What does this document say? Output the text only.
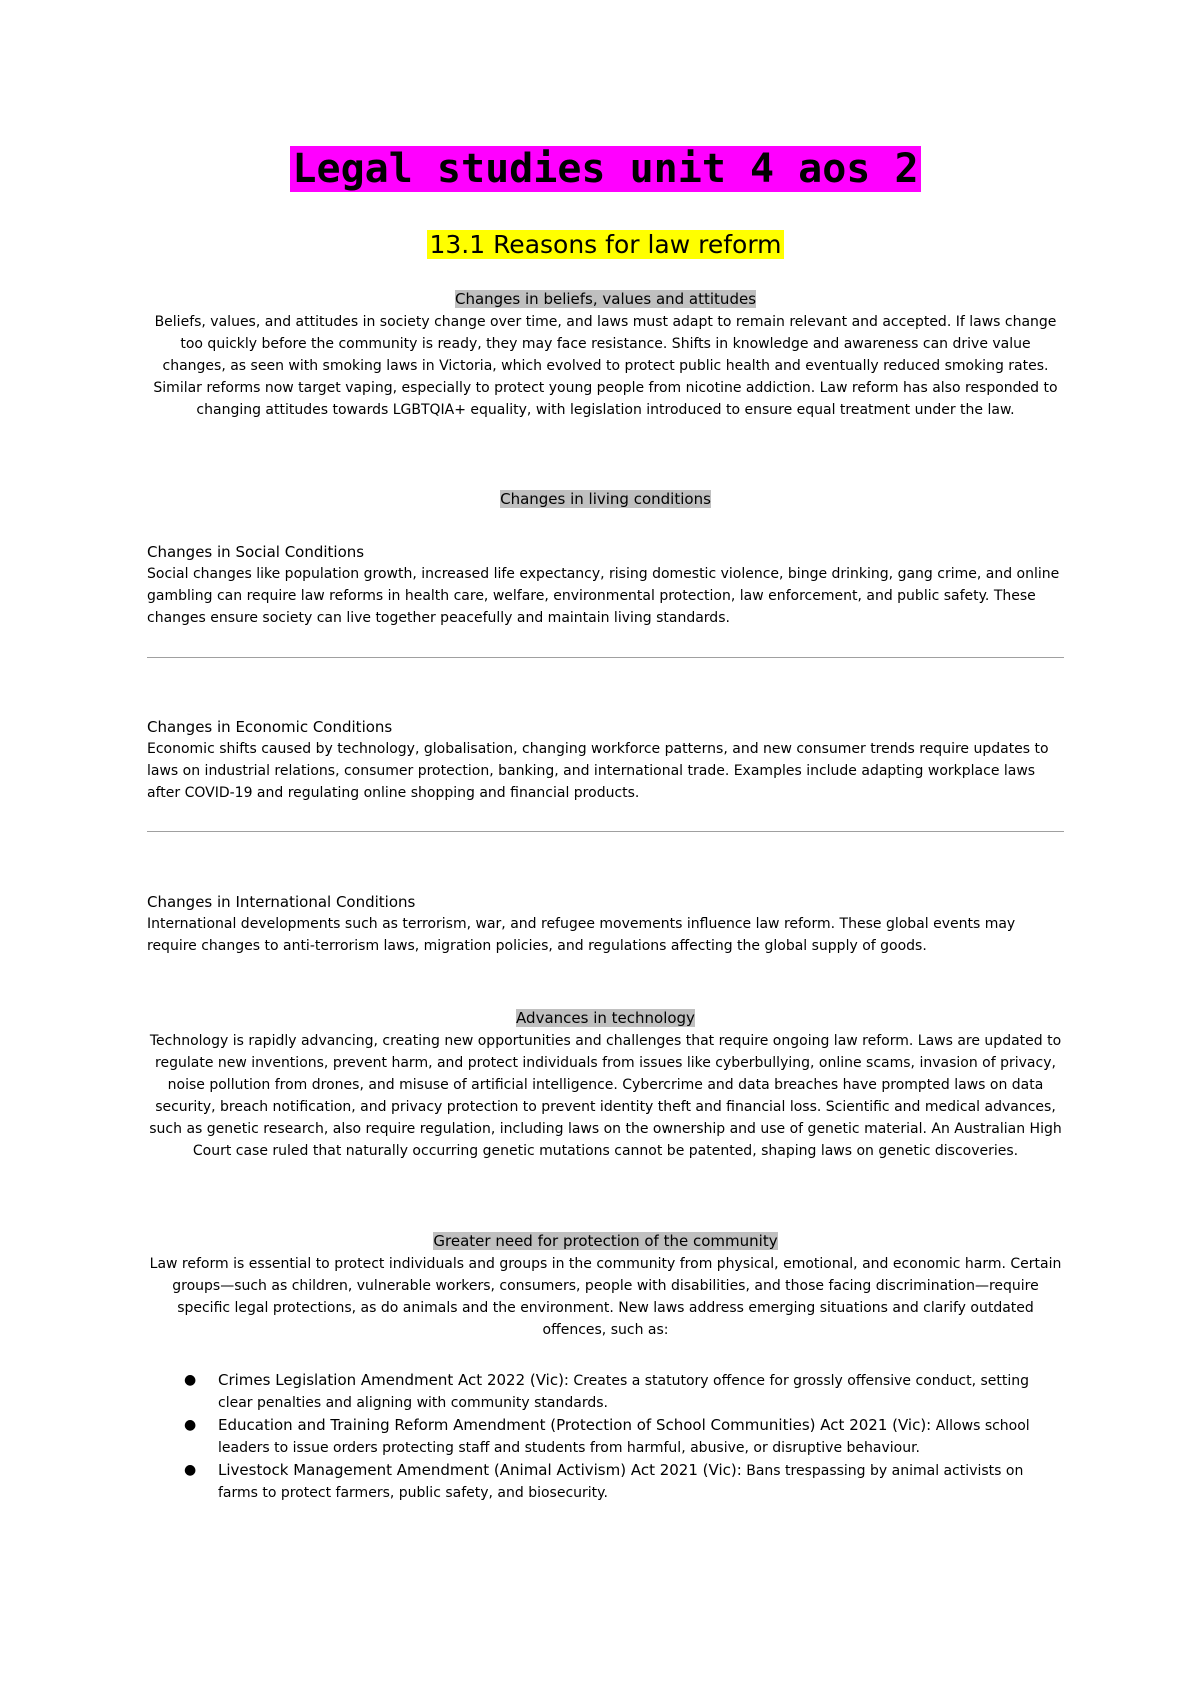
Legal studies unit 4 aos 2
13.1 Reasons for law reform

Changes in beliefs, values and attitudes

Beliefs, values, and attitudes in society change over time, and laws must adapt to remain relevant and accepted. If laws change too quickly before the community is ready, they may face resistance. Shifts in knowledge and awareness can drive value changes, as seen with smoking laws in Victoria, which evolved to protect public health and eventually reduced smoking rates. Similar reforms now target vaping, especially to protect young people from nicotine addiction. Law reform has also responded to changing attitudes towards LGBTQIA+ equality, with legislation introduced to ensure equal treatment under the law.

Changes in living conditions

Changes in Social Conditions

Social changes like population growth, increased life expectancy, rising domestic violence, binge drinking, gang crime, and online gambling can require law reforms in health care, welfare, environmental protection, law enforcement, and public safety. These changes ensure society can live together peacefully and maintain living standards.

Changes in Economic Conditions

Economic shifts caused by technology, globalisation, changing workforce patterns, and new consumer trends require updates to laws on industrial relations, consumer protection, banking, and international trade. Examples include adapting workplace laws after COVID-19 and regulating online shopping and financial products.

Changes in International Conditions

International developments such as terrorism, war, and refugee movements influence law reform. These global events may require changes to anti-terrorism laws, migration policies, and regulations affecting the global supply of goods.

Advances in technology

Technology is rapidly advancing, creating new opportunities and challenges that require ongoing law reform. Laws are updated to regulate new inventions, prevent harm, and protect individuals from issues like cyberbullying, online scams, invasion of privacy, noise pollution from drones, and misuse of artificial intelligence. Cybercrime and data breaches have prompted laws on data security, breach notification, and privacy protection to prevent identity theft and financial loss. Scientific and medical advances, such as genetic research, also require regulation, including laws on the ownership and use of genetic material. An Australian High Court case ruled that naturally occurring genetic mutations cannot be patented, shaping laws on genetic discoveries.

Greater need for protection of the community

Law reform is essential to protect individuals and groups in the community from physical, emotional, and economic harm. Certain groups—such as children, vulnerable workers, consumers, people with disabilities, and those facing discrimination—require specific legal protections, as do animals and the environment. New laws address emerging situations and clarify outdated offences, such as:

● Crimes Legislation Amendment Act 2022 (Vic): Creates a statutory offence for grossly offensive conduct, setting clear penalties and aligning with community standards.
● Education and Training Reform Amendment (Protection of School Communities) Act 2021 (Vic): Allows school leaders to issue orders protecting staff and students from harmful, abusive, or disruptive behaviour.
● Livestock Management Amendment (Animal Activism) Act 2021 (Vic): Bans trespassing by animal activists on farms to protect farmers, public safety, and biosecurity.
